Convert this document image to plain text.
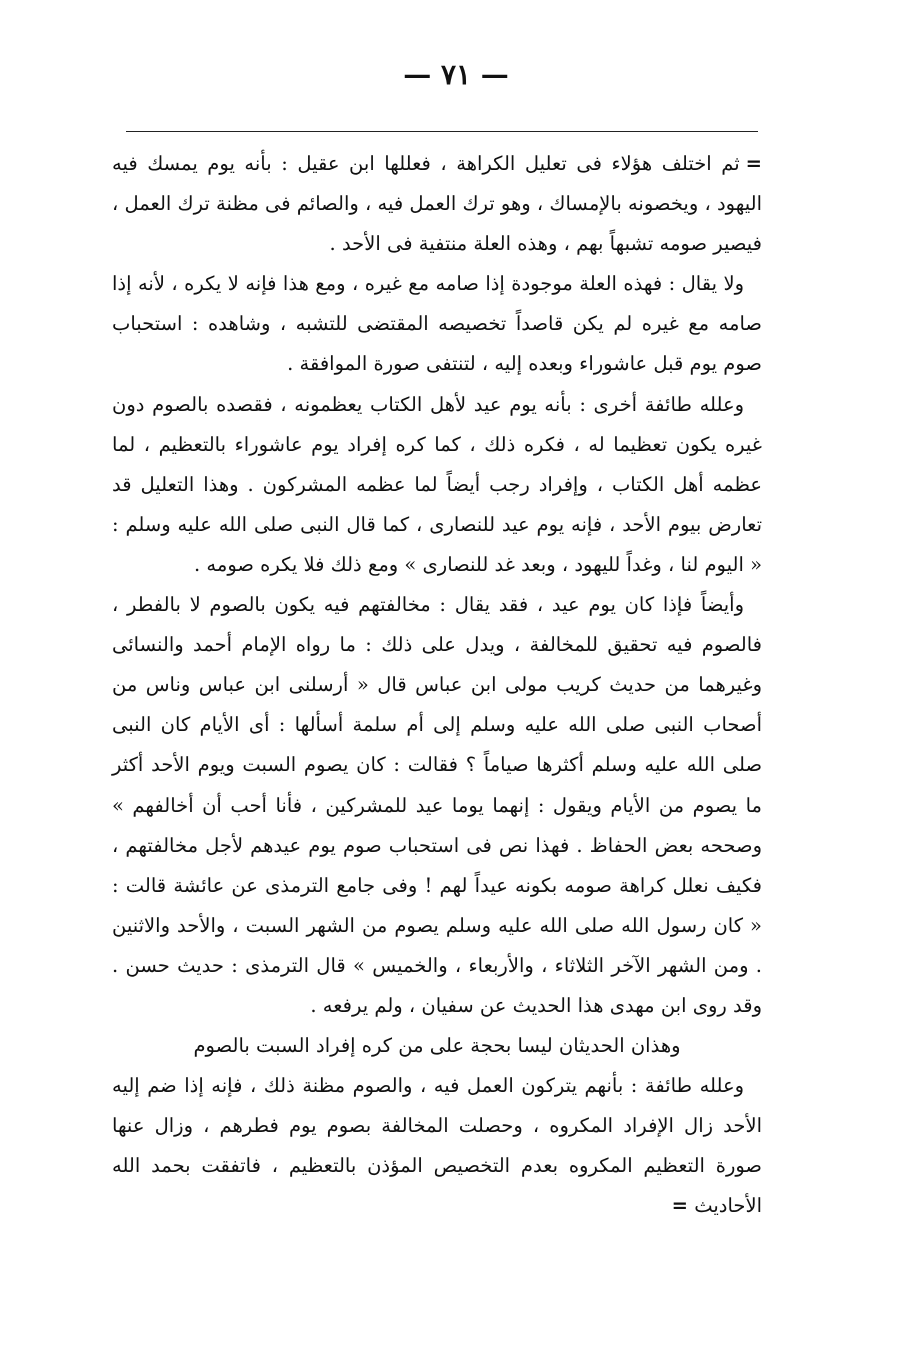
— ٧١ —

=ثم اختلف هؤلاء فى تعليل الكراهة ، فعللها ابن عقيل : بأنه يوم يمسك فيه اليهود ، ويخصونه بالإمساك ، وهو ترك العمل فيه ، والصائم فى مظنة ترك العمل ، فيصير صومه تشبهاً بهم ، وهذه العلة منتفية فى الأحد .

ولا يقال : فهذه العلة موجودة إذا صامه مع غيره ، ومع هذا فإنه لا يكره ، لأنه إذا صامه مع غيره لم يكن قاصداً تخصيصه المقتضى للتشبه ، وشاهده : استحباب صوم يوم قبل عاشوراء وبعده إليه ، لتنتفى صورة الموافقة .

وعلله طائفة أخرى : بأنه يوم عيد لأهل الكتاب يعظمونه ، فقصده بالصوم دون غيره يكون تعظيما له ، فكره ذلك ، كما كره إفراد يوم عاشوراء بالتعظيم ، لما عظمه أهل الكتاب ، وإفراد رجب أيضاً لما عظمه المشركون . وهذا التعليل قد تعارض بيوم الأحد ، فإنه يوم عيد للنصارى ، كما قال النبى صلى الله عليه وسلم : « اليوم لنا ، وغداً لليهود ، وبعد غد للنصارى » ومع ذلك فلا يكره صومه .

وأيضاً فإذا كان يوم عيد ، فقد يقال : مخالفتهم فيه يكون بالصوم لا بالفطر ، فالصوم فيه تحقيق للمخالفة ، ويدل على ذلك : ما رواه الإمام أحمد والنسائى وغيرهما من حديث كريب مولى ابن عباس قال « أرسلنى ابن عباس وناس من أصحاب النبى صلى الله عليه وسلم إلى أم سلمة أسألها : أى الأيام كان النبى صلى الله عليه وسلم أكثرها صياماً ؟ فقالت : كان يصوم السبت ويوم الأحد أكثر ما يصوم من الأيام ويقول : إنهما يوما عيد للمشركين ، فأنا أحب أن أخالفهم » وصححه بعض الحفاظ . فهذا نص فى استحباب صوم يوم عيدهم لأجل مخالفتهم ، فكيف نعلل كراهة صومه بكونه عيداً لهم ! وفى جامع الترمذى عن عائشة قالت : « كان رسول الله صلى الله عليه وسلم يصوم من الشهر السبت ، والأحد والاثنين . ومن الشهر الآخر الثلاثاء ، والأربعاء ، والخميس » قال الترمذى : حديث حسن . وقد روى ابن مهدى هذا الحديث عن سفيان ، ولم يرفعه .

وهذان الحديثان ليسا بحجة على من كره إفراد السبت بالصوم

وعلله طائفة : بأنهم يتركون العمل فيه ، والصوم مظنة ذلك ، فإنه إذا ضم إليه الأحد زال الإفراد المكروه ، وحصلت المخالفة بصوم يوم فطرهم ، وزال عنها صورة التعظيم المكروه بعدم التخصيص المؤذن بالتعظيم ، فاتفقت بحمد الله الأحاديث =
